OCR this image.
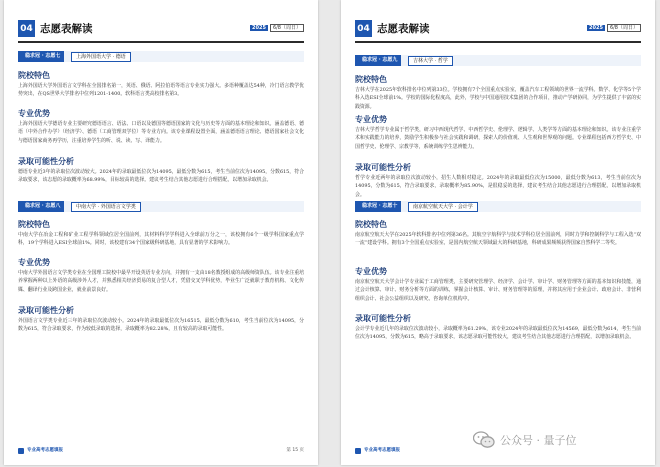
04 志愿表解读	2025 6/8（周日）
稳求冠 · 志愿七	上海外国语大学 · 德语
院校特色
上海外国语大学外国语言文学科在全国排名第一，英语、俄语、阿拉伯语等语言专业实力强大。多语种覆盖达54种，冷门语言教学优势突出，在QS世界大学排名中位列1201-1400。软科语言类高校排名第3。
专业优势
上海外国语大学德语专业主要研究德语语言、语法、口语以及德国等德语国家的文化与历史等方面的基本理论和知识。涵盖德语、德语（中外合作办学）（经济学）、德语（工商管理双学位）等专业方向。该专业课程设置全面，涵盖德语语言理论、德语国家社会文化与德语国家商务再学历，注重培养学生的听、说、读、写、译能力。
录取可能性分析
德语专业近3年的录取位次波动较大。2024年的录取最低位次为14095，最低分数为615，考生当前位次为14095，分数615，符合录取要求，该志愿的录取概率为68.99%，目标较高的选择。建议考生结合其他志愿进行合理搭配，以增加录取机会。
稳求冠 · 志愿八	中南大学 · 外国语言文学类
院校特色
中南大学在冶金工程和矿业工程学科领域位居全国前列，其材料科学学科进入全球前万分之一，该校拥有6个一级学科国家重点学科，19个学科进入ESI全球前1%。同时，该校建有34个国家级科研基地，具有显著的学术影响力。
专业优势
中南大学外国语言文学类专业在全国理工院校中最早开设英语专业方向，并拥有一支由18名教授组成的高级师资队伍。该专业注重培养掌握两种以上外语的高级涉外人才，并熟悉相关经济贸易的复合型人才，凭借交叉学科优势，毕业生广泛就职于教育机构、文化传媒、翻译行业及跨国企业，就业前景良好。
录取可能性分析
外国语言文学类专业近三年的录取位次波动较小。2024年的录取最低位次为16515，最低分数为610，考生当前位次为14095，分数为615，符合录取要求，作为较低录取的选择，录取概率为82.28%，且有较高的录取可能性。
专业高考志愿填报	第 15 页
04 志愿表解读	2025 6/8（周日）
稳求冠 · 志愿九	吉林大学 · 哲学
院校特色
吉林大学在2025年软科排名中位列第33位。学校拥有7个全国重点实验室，覆盖汽车工程领域的世界一流学科。数学、化学等5个学科入选ESI全球前1%。学校的国际化程度高，此外，学校与中国通用技术集团的合作项目，推动产学研协同，为学生提供了丰富的实践资源。
专业优势
吉林大学哲学专业属于哲学类，研习中西现代哲学、中西哲学史、伦理学、逻辑学、人类学等方面的基本理论和知识。该专业注重学术和实践能力的培养，鼓励学生积极参与社会实践和调研，探索人的价值观、人生观和世界观的问题。专业课程包括西方哲学史、中国哲学史、伦理学、宗教学等，系统训练学生思辨能力。
录取可能性分析
哲学专业近两年的录取位次波动较小，招生人数相对稳定。2024年的录取最低位次为15000，最低分数为613，考生当前位次为14095，分数为615，符合录取要求，录取概率为85.90%，是很稳妥的选择，建议考生结合其他志愿进行合理搭配，以增加录取机会。
稳求冠 · 志愿十	南京航空航天大学 · 会计学
院校特色
南京航空航天大学在2025年软科排名中位列第36名。其航空宇航科学与技术学科位居全国前列，同时力学和控制科学与工程入选“双一流”建设学科。拥有3个全国重点实验室，是国内航空航天领域最大的科研基地，科研成果频频获得国家自然科学二等奖。
专业优势
南京航空航天大学会计学专业属于工商管理类，主要研究管理学、经济学、会计学、审计学、财务管理等方面的基本知识和技能，通过会计核算、审计、财务分析等方面的训练，掌握会计核算、审计、财务管理等的原理，并将其应用于企业会计、政府会计、非营利组织会计、社会公益组织以及研究、咨询单位机构中。
录取可能性分析
会计学专业近几年的录取位次波动较小，录取概率为61.29%，该专业2024年的录取最低位次为14569，最低分数为614，考生当前位次为14095，分数为615，略高于录取要求，该志愿录取可能性较大，建议考生结合其他志愿进行合理搭配，以增加录取机会。
专业高考志愿填报
公众号 · 量子位
